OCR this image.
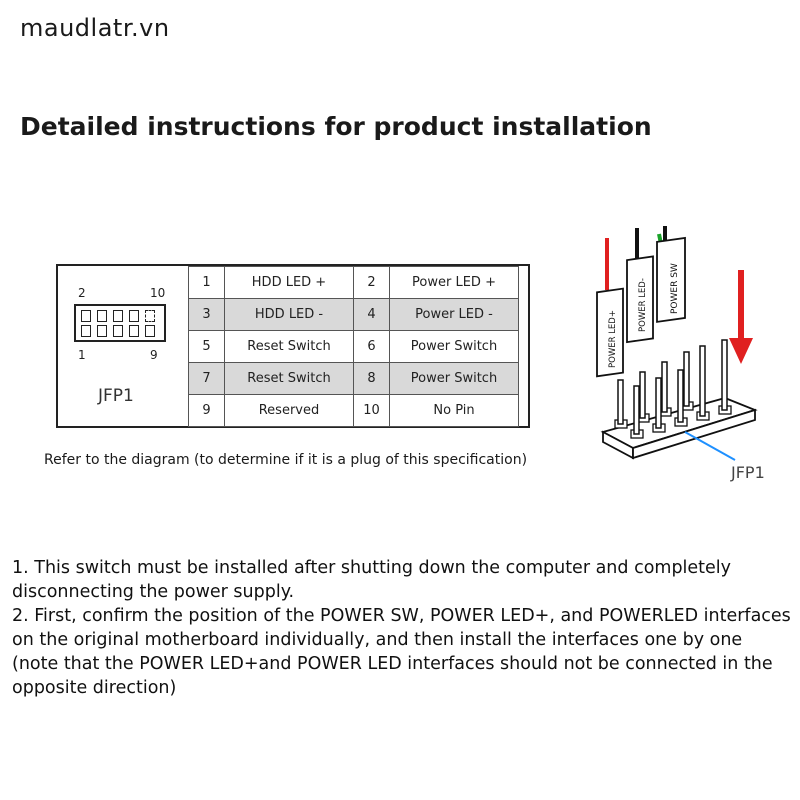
maudlatr.vn
Detailed instructions for product installation
2	10
1	9
JFP1
1	HDD LED +	2	Power LED +
3	HDD LED -	4	Power LED -
5	Reset Switch	6	Power Switch
7	Reset Switch	8	Power Switch
9	Reserved	10	No Pin
Refer to the diagram (to determine if it is a plug of this specification)
POWER LED+
POWER LED- POWER SW
JFP1

1. This switch must be installed after shutting down the computer and completely disconnecting the power supply.

2. First, confirm the position of the POWER SW, POWER LED+, and POWERLED interfaces on the original motherboard individually, and then install the interfaces one by one (note that the POWER LED+and POWER LED interfaces should not be connected in the opposite direction)
